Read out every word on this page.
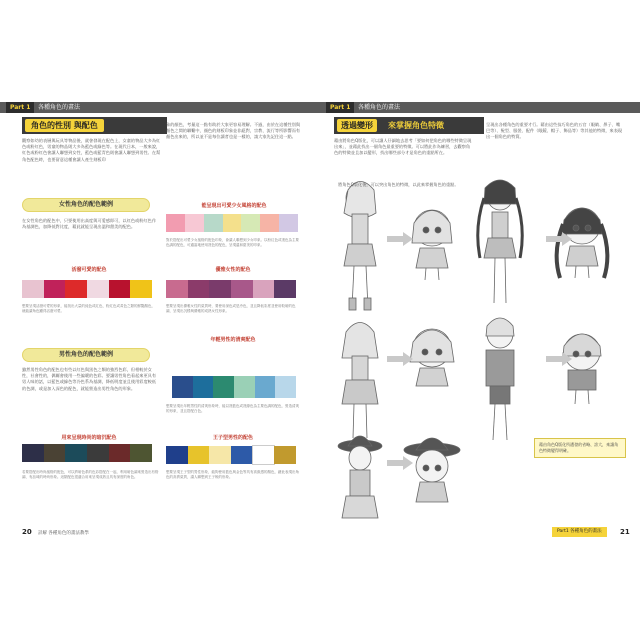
Part 1	各種角色的畫法
角色的性別 與配色
觀察如幼的表層與玩具等物品後，就會發現在配色上，女童的物品大多為紅色或粉紅色，男童的物品則大多為藍色或綠色等。在現代日本，一般來說，紅色或粉紅色會讓人聯想到女性，藍色或藍青色則會讓人聯想到男性。在幫角色配色時，也要留意這種會讓人產生刻板印
象的顏色，考量這一點有助於大家更容易理解。不過，由於在這種性別與顏色之間的聯繫中，顏色的刻板印象並非絕對，宗教、流行等所影響而有顏色出來的，所以並不是每位讀者也是一樣的，請大家先記住這一點。
女性角色的配色範例
在女性角色的配色中，只要使用出高度與可愛感即可，以紅色或粉紅色作為基調色，加降低對比度，藉此就能呈現出溫和甜美的配色。
能呈現出可愛少女風格的配色
對於搭配出可愛少女風格的配色印象，會讓人聯想到少女印象。以粉紅色或淺色為主要色調的配色，可適當地使用淺色的配色，呈現溫和甜美的印象。
活潑可愛的配色
想要呈現活潑可愛的形象，能找出大量的純色或紅色、粉紅色或黃色之類的鮮豔顏色，就能讓角色顯得活潑可愛。
優雅女性的配色
想要呈現出優雅女性的氣質時，要使用深色或是冷色，並且降低彩度並使用較暗的色調，呈現出沉穩與優雅的成熟女性形象。
男性角色的配色範例
雖然男性角色的配色也有些以紅色與黑色之類的強烈色彩，但相較於女性，社會性的，偶爾會使用一些偏暖的色彩。要讓男性角色看起來更具有男人味的話，以藍色或綠色等冷色系為基調，降低明度並且使用彩度較低的色調，或是加入深色的配色，就能營造出男性角色的形象。
年輕男性的清爽配色
想要呈現出年輕男性的清爽形象時，能以淺藍色或淺綠色為主要色調的配色，營造清爽的形象，並且搭配白色。
用來呈現時尚的暗沉配色
若要搭配出時尚風格的配色，可以將暗色系的色彩搭配在一起，利用暗色調來營造出有格調、有品味的時尚形象。這類配色很適合用來呈現成熟且具有深度的角色。
王子型男性的配色
想要呈現王子型的男性形象，能夠使用藍色與金色等具有高級感的顏色，藉此表現出角色的高貴氣質，讓人聯想到王子般的形象。
20 詳解 各種角色的畫法教學
Part 1	各種角色的畫法
透過變形	來掌握角色特徵
藉由將角色Q版化，可以讓人仔細地去思考「要如何把角色的哪些特徵呈現出來」，並藉此找出一個角色最重要的特徵。可以將此作為練習，去觀察角色的特徵並且加以變形，找出哪些部分才是角色的重點所在。
呈現出各種角色的重要才行。藉由這些技巧角色的五官（眼睛、鼻子、嘴巴等）、髮型、服裝、配件（眼鏡、帽子、飾品等）等其他的特徵，來表現出一個角色的特質。
將角色Q版化後，可以突出角色的特徵，以此來掌握角色的重點。
藉由角色Q版化所遭發的省略、誇大，來讓角色特徵變得明確。
Part1 各種角色的畫法	21
